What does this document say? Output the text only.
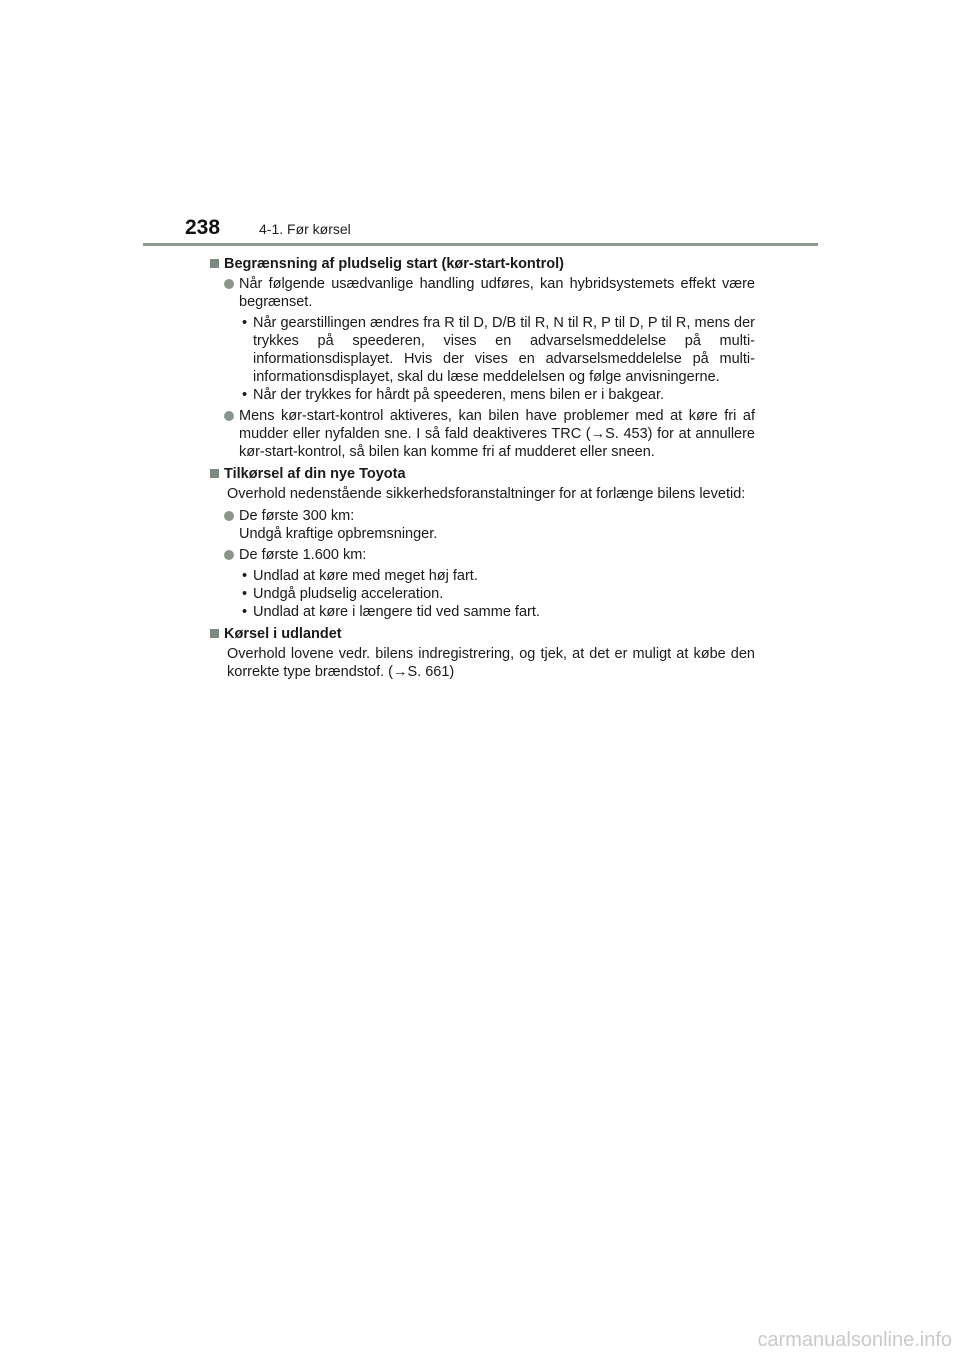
238	4-1. Før kørsel
Begrænsning af pludselig start (kør-start-kontrol)
Når følgende usædvanlige handling udføres, kan hybridsystemets effekt være begrænset.
• Når gearstillingen ændres fra R til D, D/B til R, N til R, P til D, P til R, mens der trykkes på speederen, vises en advarselsmeddelelse på multi-informationsdisplayet. Hvis der vises en advarselsmeddelelse på multi-informationsdisplayet, skal du læse meddelelsen og følge anvisningerne.
• Når der trykkes for hårdt på speederen, mens bilen er i bakgear.
Mens kør-start-kontrol aktiveres, kan bilen have problemer med at køre fri af mudder eller nyfalden sne. I så fald deaktiveres TRC (→S. 453) for at annullere kør-start-kontrol, så bilen kan komme fri af mudderet eller sneen.
Tilkørsel af din nye Toyota
Overhold nedenstående sikkerhedsforanstaltninger for at forlænge bilens levetid:
De første 300 km:
Undgå kraftige opbremsninger.
De første 1.600 km:
• Undlad at køre med meget høj fart.
• Undgå pludselig acceleration.
• Undlad at køre i længere tid ved samme fart.
Kørsel i udlandet
Overhold lovene vedr. bilens indregistrering, og tjek, at det er muligt at købe den korrekte type brændstof. (→S. 661)
carmanualsonline.info
